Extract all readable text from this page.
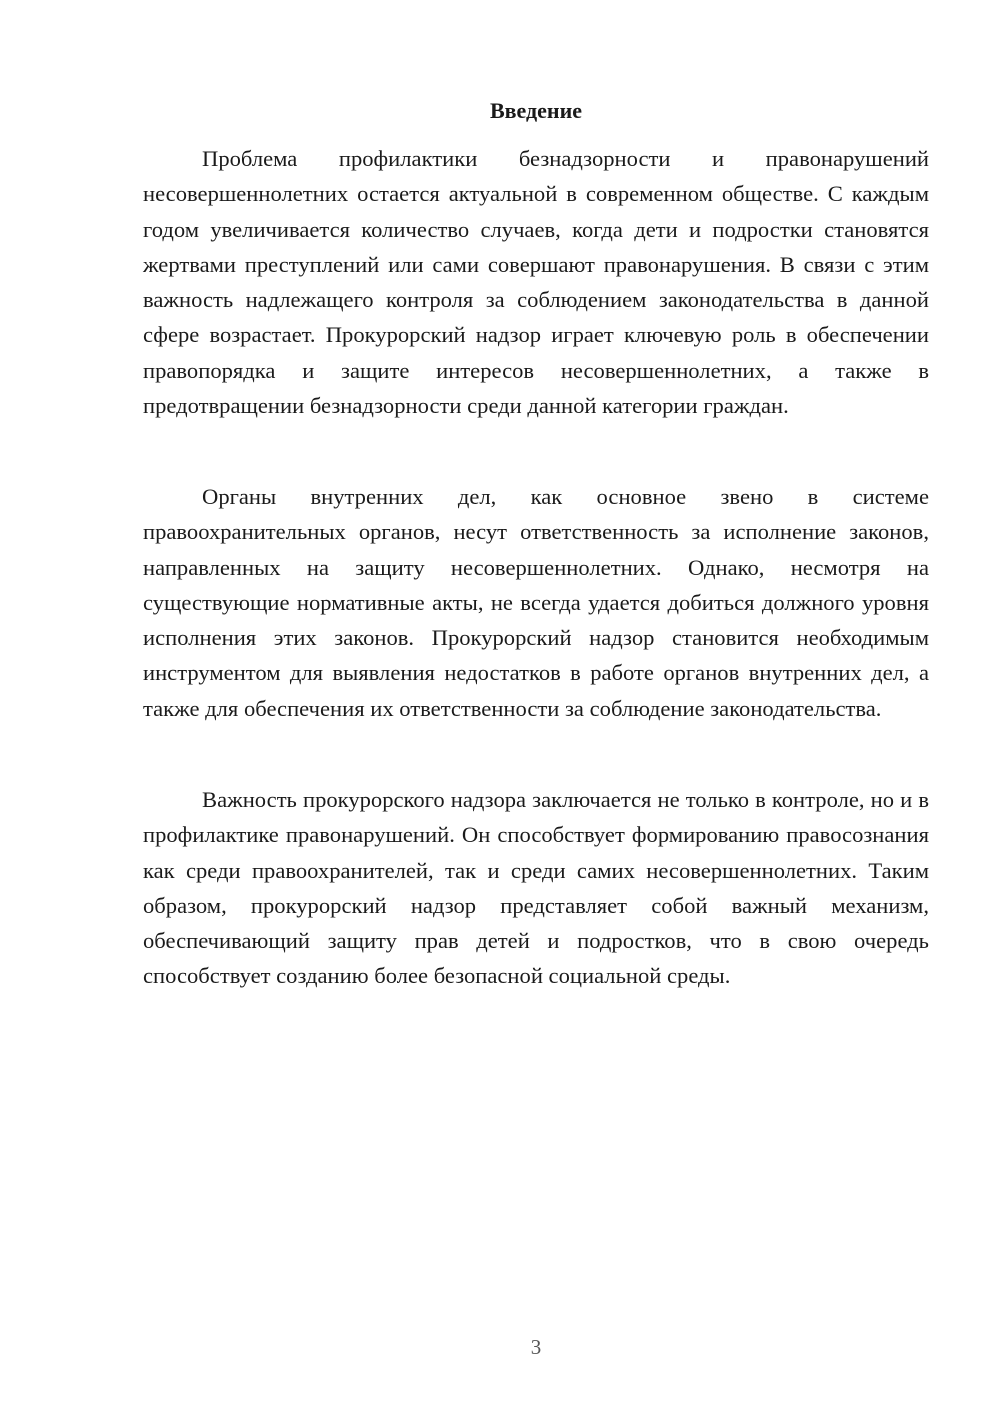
Введение

Проблема профилактики безнадзорности и правонарушений несовершеннолетних остается актуальной в современном обществе. С каждым годом увеличивается количество случаев, когда дети и подростки становятся жертвами преступлений или сами совершают правонарушения. В связи с этим важность надлежащего контроля за соблюдением законодательства в данной сфере возрастает. Прокурорский надзор играет ключевую роль в обеспечении правопорядка и защите интересов несовершеннолетних, а также в предотвращении безнадзорности среди данной категории граждан.

Органы внутренних дел, как основное звено в системе правоохранительных органов, несут ответственность за исполнение законов, направленных на защиту несовершеннолетних. Однако, несмотря на существующие нормативные акты, не всегда удается добиться должного уровня исполнения этих законов. Прокурорский надзор становится необходимым инструментом для выявления недостатков в работе органов внутренних дел, а также для обеспечения их ответственности за соблюдение законодательства.

Важность прокурорского надзора заключается не только в контроле, но и в профилактике правонарушений. Он способствует формированию правосознания как среди правоохранителей, так и среди самих несовершеннолетних. Таким образом, прокурорский надзор представляет собой важный механизм, обеспечивающий защиту прав детей и подростков, что в свою очередь способствует созданию более безопасной социальной среды.

3
